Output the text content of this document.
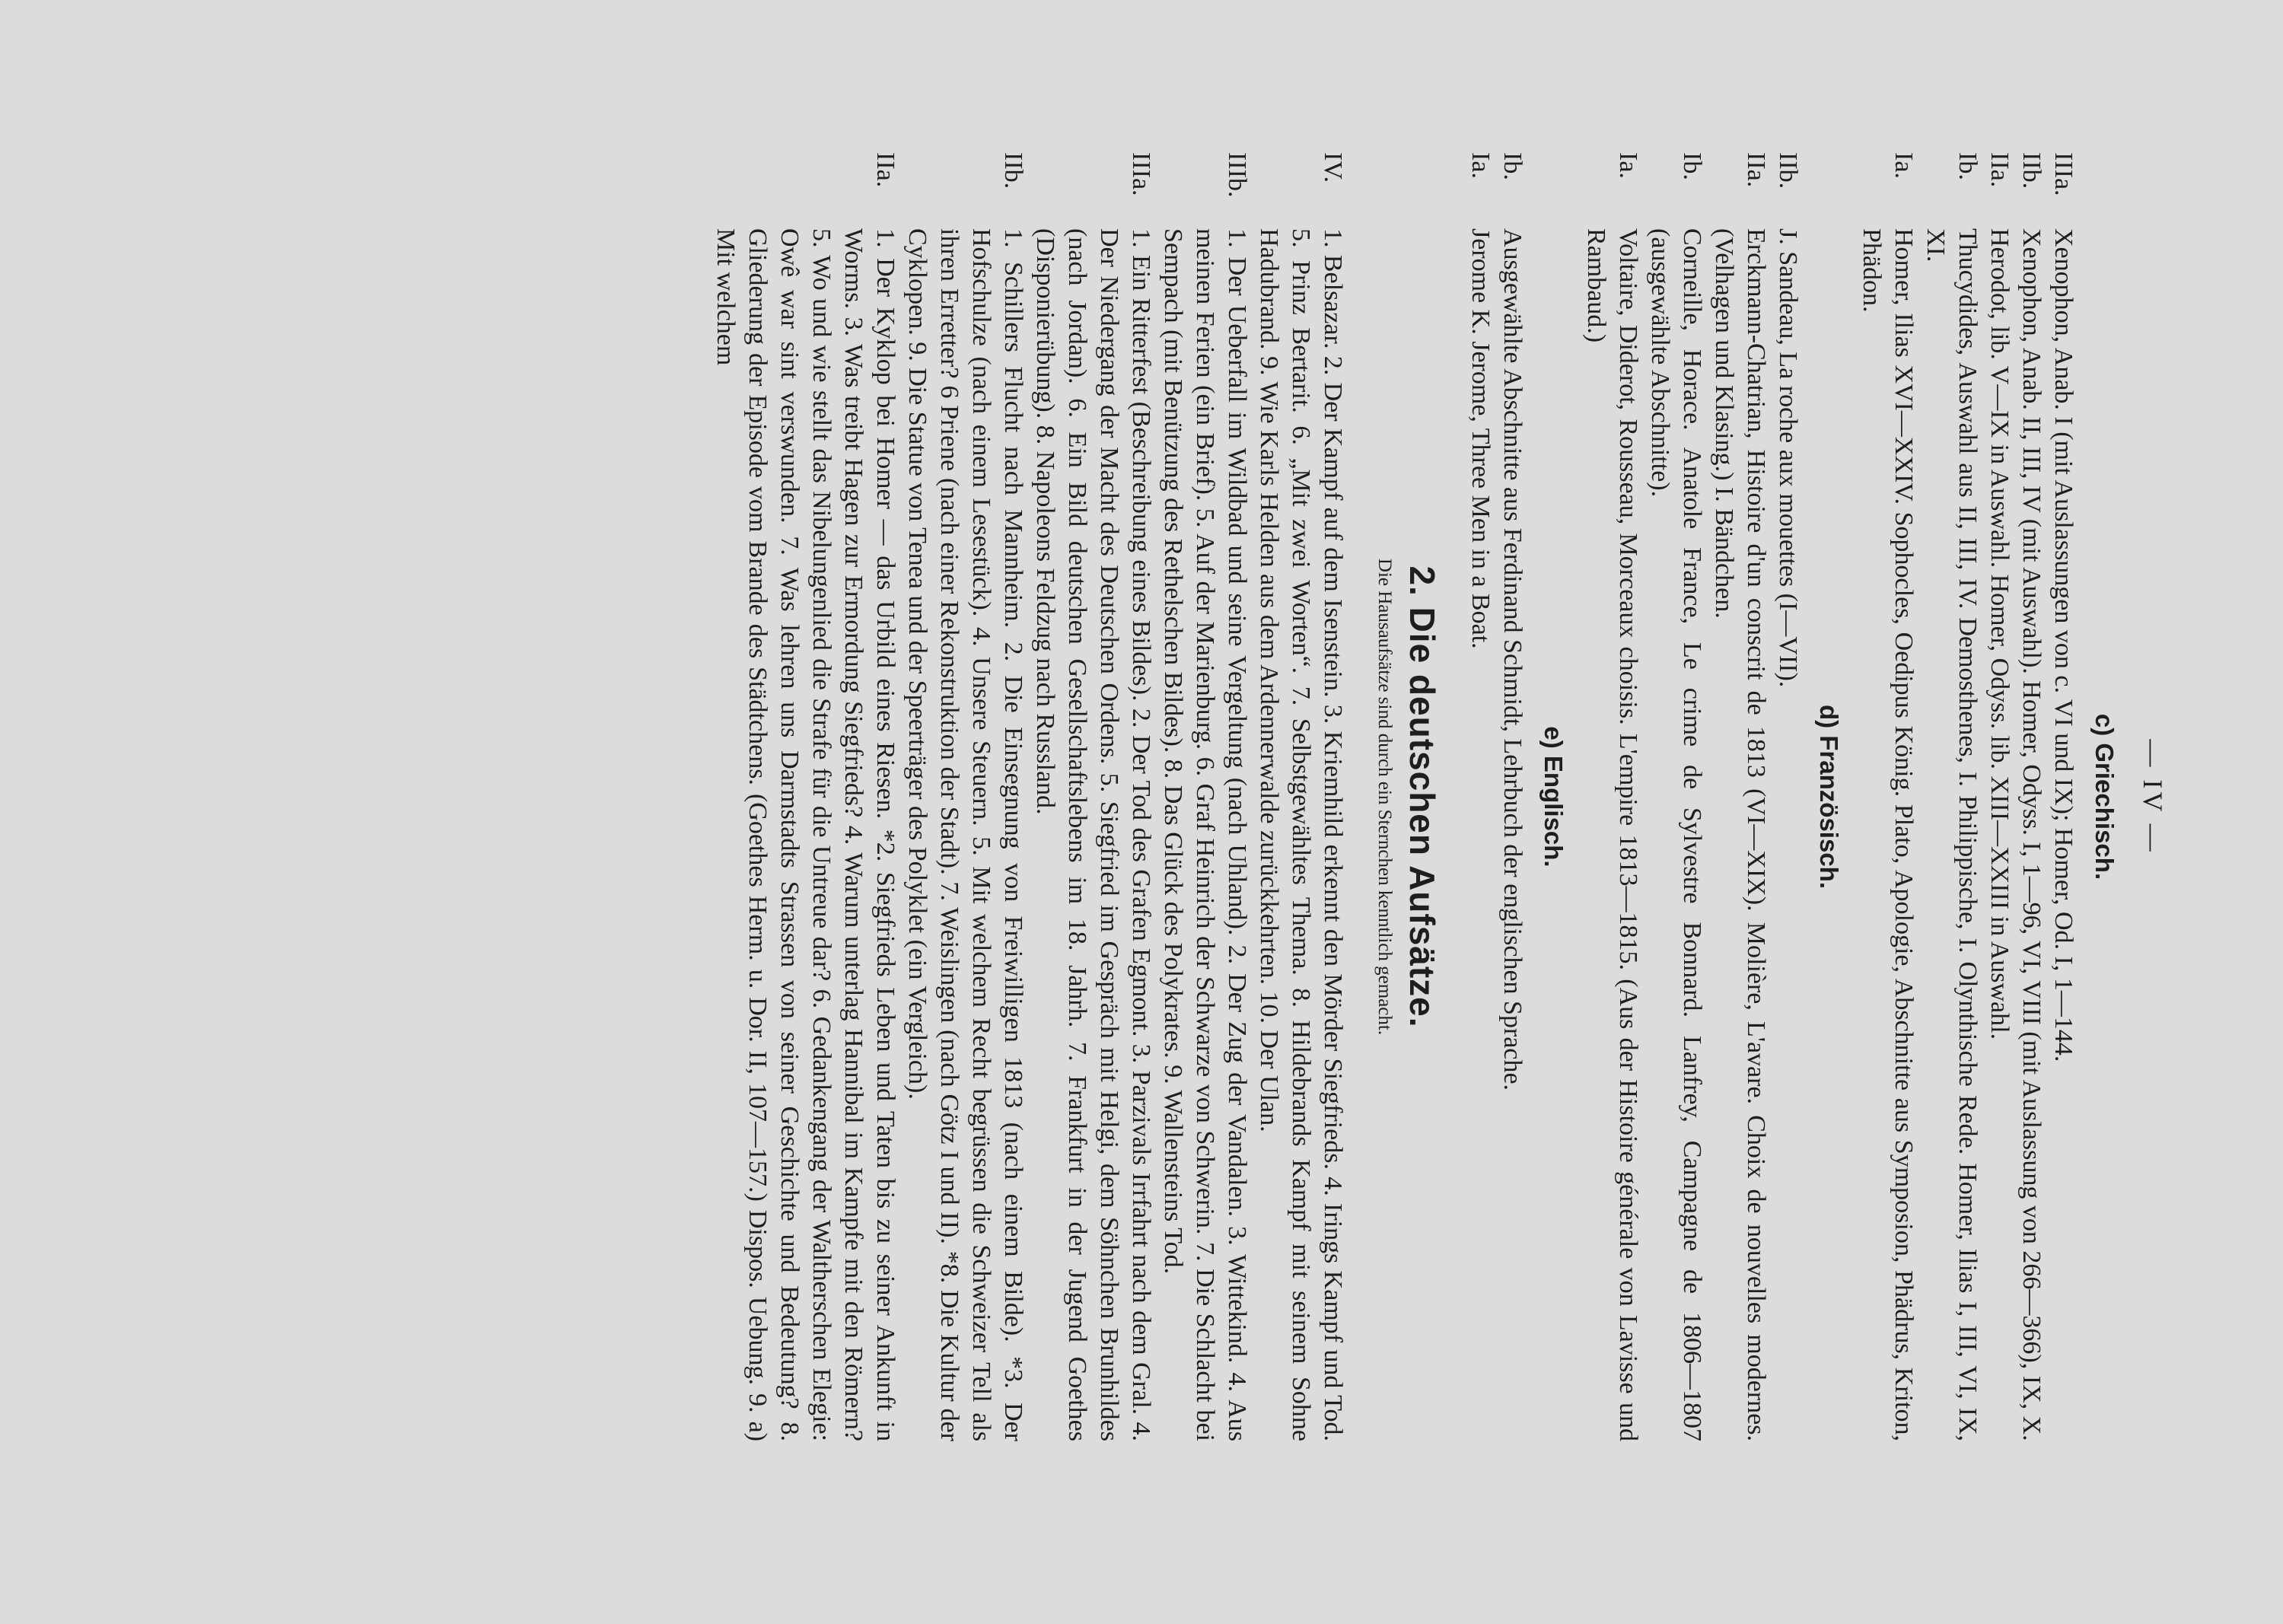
— IV —
c) Griechisch.

IIIa.
Xenophon, Anab. I (mit Auslassungen von c. VI und IX); Homer, Od. I, 1—144.

IIb.
Xenophon, Anab. II, III, IV (mit Auswahl). Homer, Odyss. I, 1—96, VI, VIII (mit Auslassung von 266—366), IX, X.

IIa.
Herodot, lib. V—IX in Auswahl. Homer, Odyss. lib. XIII—XXIII in Auswahl.

Ib.
Thucydides, Auswahl aus II, III, IV. Demosthenes, I. Philippische, I. Olynthische Rede. Homer, Ilias I, III, VI, IX, XI.

Ia.
Homer, Ilias XVI—XXIV. Sophocles, Oedipus König. Plato, Apologie, Abschnitte aus Symposion, Phädrus, Kriton, Phädon.

d) Französisch.

IIb.
J. Sandeau, La roche aux mouettes (I—VII).

IIa.
Erckmann-Chatrian, Histoire d'un conscrit de 1813 (VI—XIX). Molière, L'avare. Choix de nouvelles modernes. (Velhagen und Klasing.) I. Bändchen.

Ib.
Corneille, Horace. Anatole France, Le crime de Sylvestre Bonnard. Lanfrey, Campagne de 1806—1807 (ausgewählte Abschnitte).

Ia.
Voltaire, Diderot, Rousseau, Morceaux choisis. L'empire 1813—1815. (Aus der Histoire générale von Lavisse und Rambaud.)

e) Englisch.

Ib.
Ausgewählte Abschnitte aus Ferdinand Schmidt, Lehrbuch der englischen Sprache.

Ia.
Jerome K. Jerome, Three Men in a Boat.

2. Die deutschen Aufsätze.
Die Hausaufsätze sind durch ein Sternchen kenntlich gemacht.

IV.
1. Belsazar. 2. Der Kampf auf dem Isenstein. 3. Kriemhild erkennt den Mörder Siegfrieds. 4. Irings Kampf und Tod. 5. Prinz Bertarit. 6. „Mit zwei Worten“. 7. Selbstgewähltes Thema. 8. Hildebrands Kampf mit seinem Sohne Hadubrand. 9. Wie Karls Helden aus dem Ardennerwalde zurückkehrten. 10. Der Ulan.

IIIb.
1. Der Ueberfall im Wildbad und seine Vergeltung (nach Uhland). 2. Der Zug der Vandalen. 3. Wittekind. 4. Aus meinen Ferien (ein Brief). 5. Auf der Marienburg. 6. Graf Heinrich der Schwarze von Schwerin. 7. Die Schlacht bei Sempach (mit Benützung des Rethelschen Bildes). 8. Das Glück des Polykrates. 9. Wallensteins Tod.

IIIa.
1. Ein Ritterfest (Beschreibung eines Bildes). 2. Der Tod des Grafen Egmont. 3. Parzivals Irrfahrt nach dem Gral. 4. Der Niedergang der Macht des Deutschen Ordens. 5. Siegfried im Gespräch mit Helgi, dem Söhnchen Brunhildes (nach Jordan). 6. Ein Bild deutschen Gesellschaftslebens im 18. Jahrh. 7. Frankfurt in der Jugend Goethes (Disponierübung). 8. Napoleons Feldzug nach Russland.

IIb.
1. Schillers Flucht nach Mannheim. 2. Die Einsegnung von Freiwilligen 1813 (nach einem Bilde). *3. Der Hofschulze (nach einem Lesestück). 4. Unsere Steuern. 5. Mit welchem Recht begrüssen die Schweizer Tell als ihren Erretter? 6 Priene (nach einer Rekonstruktion der Stadt). 7. Weislingen (nach Götz I und II). *8. Die Kultur der Cyklopen. 9. Die Statue von Tenea und der Speerträger des Polyklet (ein Vergleich).

IIa.
1. Der Kyklop bei Homer — das Urbild eines Riesen. *2. Siegfrieds Leben und Taten bis zu seiner Ankunft in Worms. 3. Was treibt Hagen zur Ermordung Siegfrieds? 4. Warum unterlag Hannibal im Kampfe mit den Römern? 5. Wo und wie stellt das Nibelungenlied die Strafe für die Untreue dar? 6. Gedankengang der Waltherschen Elegie: Owê war sint verswunden. 7. Was lehren uns Darmstadts Strassen von seiner Geschichte und Bedeutung? 8. Gliederung der Episode vom Brande des Städtchens. (Goethes Herm. u. Dor. II, 107—157.) Dispos. Uebung. 9. a) Mit welchem
